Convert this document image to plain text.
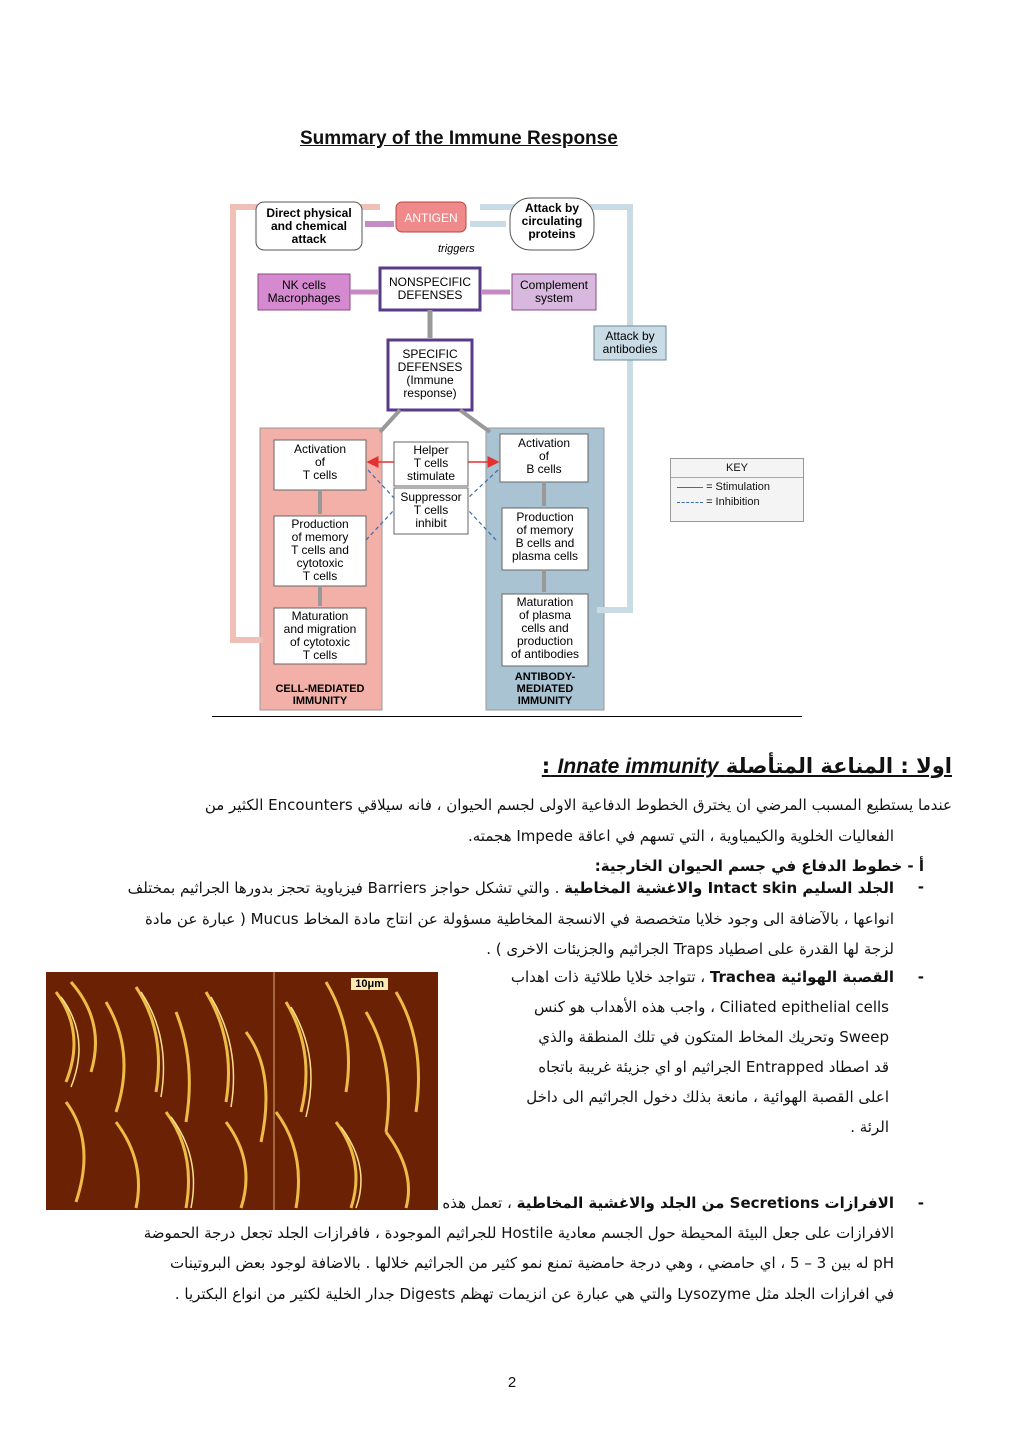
Summary of the Immune Response
Direct physical and chemical attack
ANTIGEN
Attack by circulating proteins
triggers
NK cells Macrophages
NONSPECIFIC DEFENSES
Complement system
SPECIFIC DEFENSES (Immune response)
Attack by antibodies
Activation of T cells
Production of memory T cells and cytotoxic T cells
Maturation and migration of cytotoxic T cells
CELL-MEDIATED IMMUNITY
Helper T cells stimulate
Suppressor T cells inhibit
Activation of B cells
Production of memory B cells and plasma cells
Maturation of plasma cells and production of antibodies
ANTIBODY-MEDIATED IMMUNITY
KEY
= Stimulation
= Inhibition
اولا : المناعة المتأصلة Innate immunity :
عندما يستطيع المسبب المرضي ان يخترق الخطوط الدفاعية الاولى لجسم الحيوان ، فانه سيلاقي Encounters الكثير من
الفعاليات الخلوية والكيمياوية ، التي تسهم في اعاقة Impede هجمته.
أ - خطوط الدفاع في جسم الحيوان الخارجية:
-
الجلد السليم Intact skin والاغشية المخاطية . والتي تشكل حواجز Barriers فيزياوية تحجز بدورها الجراثيم بمختلف
انواعها ، بالآضافة الى وجود خلايا متخصصة في الانسجة المخاطية مسؤولة عن انتاج مادة المخاط Mucus ( عبارة عن مادة
لزجة لها القدرة على اصطياد Traps الجراثيم والجزيئات الاخرى ) .
-
القصبة الهوائية Trachea ، تتواجد خلايا طلائية ذات اهداب
Ciliated epithelial cells ، واجب هذه الأهداب هو كنس
Sweep وتحريك المخاط المتكون في تلك المنطقة والذي
قد اصطاد Entrapped الجراثيم او اي جزيئة غريبة باتجاه
اعلى القصبة الهوائية ، مانعة بذلك دخول الجراثيم الى داخل
الرئة .
10μm
-
الافرازات Secretions من الجلد والاغشية المخاطية ، تعمل هذه
الافرازات على جعل البيئة المحيطة حول الجسم معادية Hostile للجراثيم الموجودة ، فافرازات الجلد تجعل درجة الحموضة
pH له بين 3 – 5 ، اي حامضي ، وهي درجة حامضية تمنع نمو كثير من الجراثيم خلالها . بالاضافة لوجود بعض البروتينات
في افرازات الجلد مثل Lysozyme والتي هي عبارة عن انزيمات تهظم Digests جدار الخلية لكثير من انواع البكتريا .
2
